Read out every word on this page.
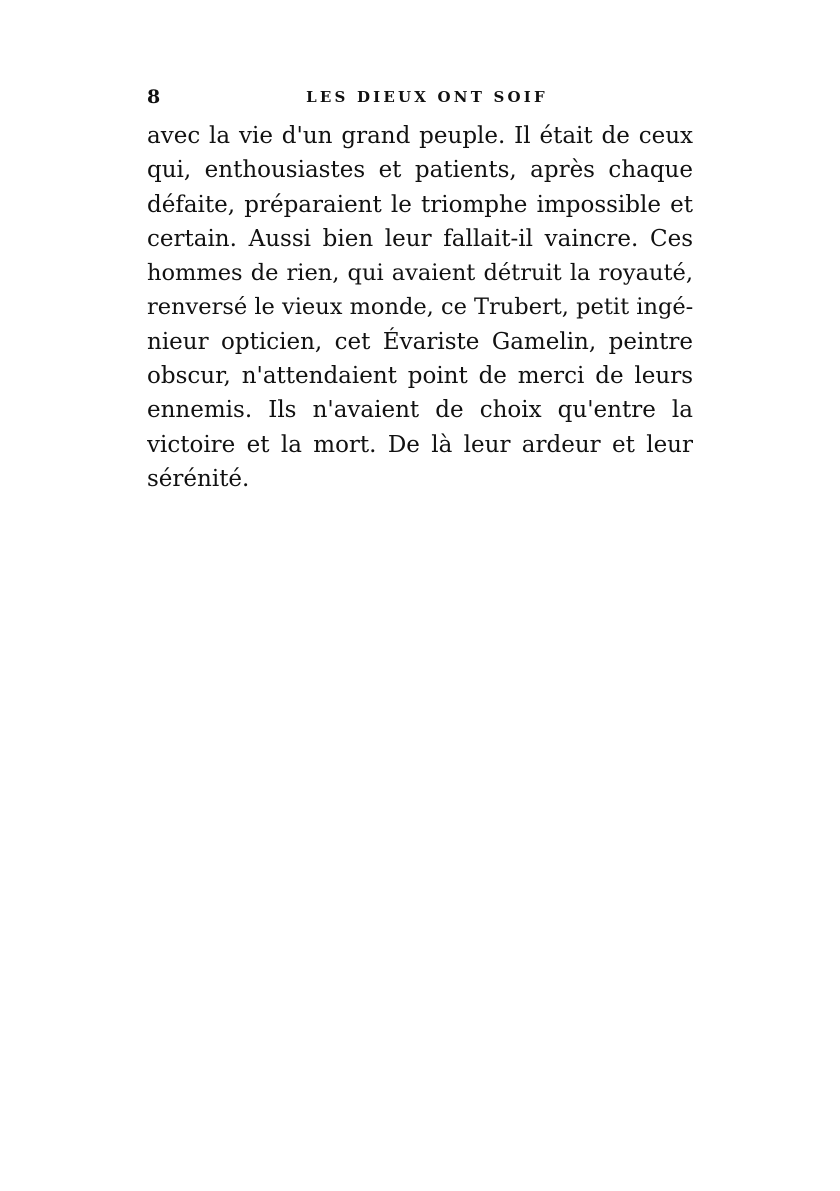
8	LES DIEUX ONT SOIF
avec la vie d'un grand peuple. Il était de ceux
qui, enthousiastes et patients, après chaque
défaite, préparaient le triomphe impossible et
certain. Aussi bien leur fallait-il vaincre. Ces
hommes de rien, qui avaient détruit la royauté,
renversé le vieux monde, ce Trubert, petit ingé-
nieur opticien, cet Évariste Gamelin, peintre
obscur, n'attendaient point de merci de leurs
ennemis. Ils n'avaient de choix qu'entre la
victoire et la mort. De là leur ardeur et leur
sérénité.
